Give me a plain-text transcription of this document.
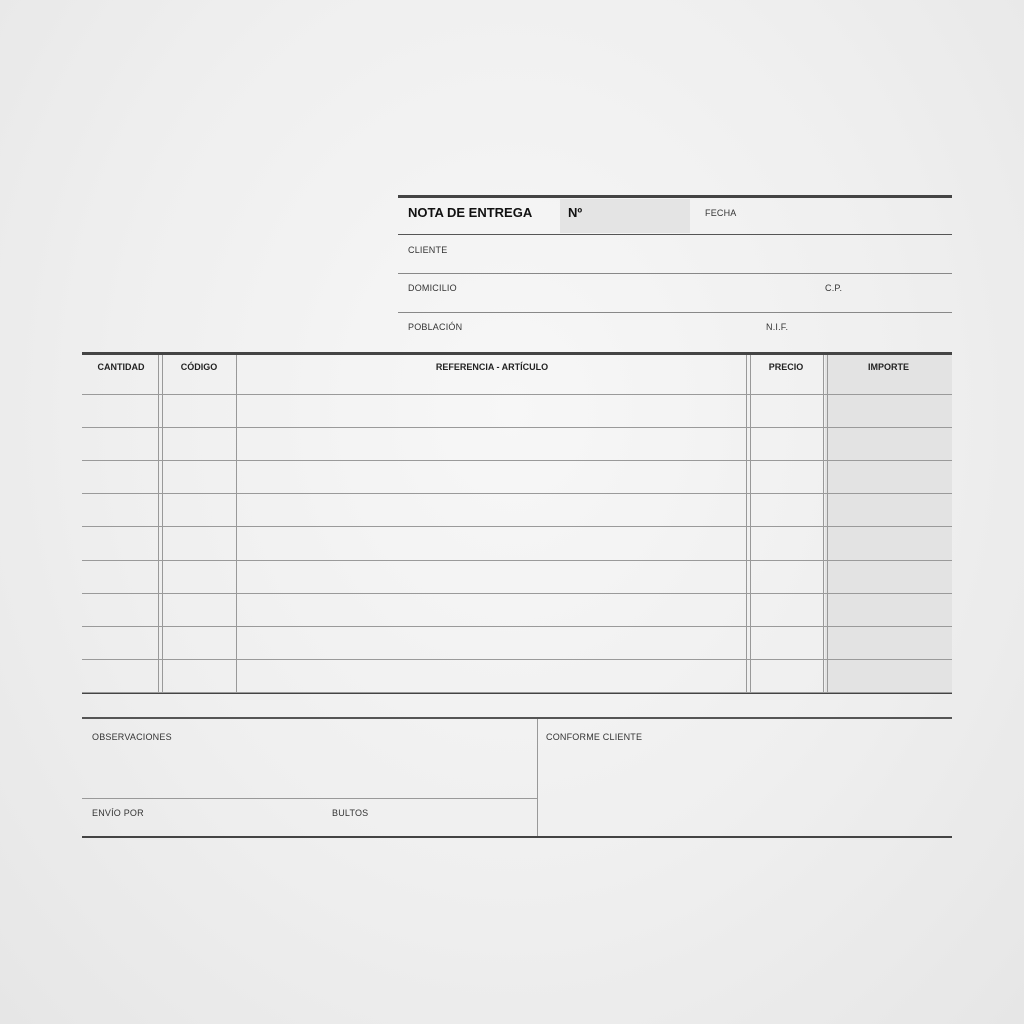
NOTA DE ENTREGA	Nº	FECHA
CLIENTE
DOMICILIO	C.P.
POBLACIÓN	N.I.F.
CANTIDAD	CÓDIGO	REFERENCIA - ARTÍCULO	PRECIO	IMPORTE
OBSERVACIONES	CONFORME CLIENTE
ENVÍO POR	BULTOS
